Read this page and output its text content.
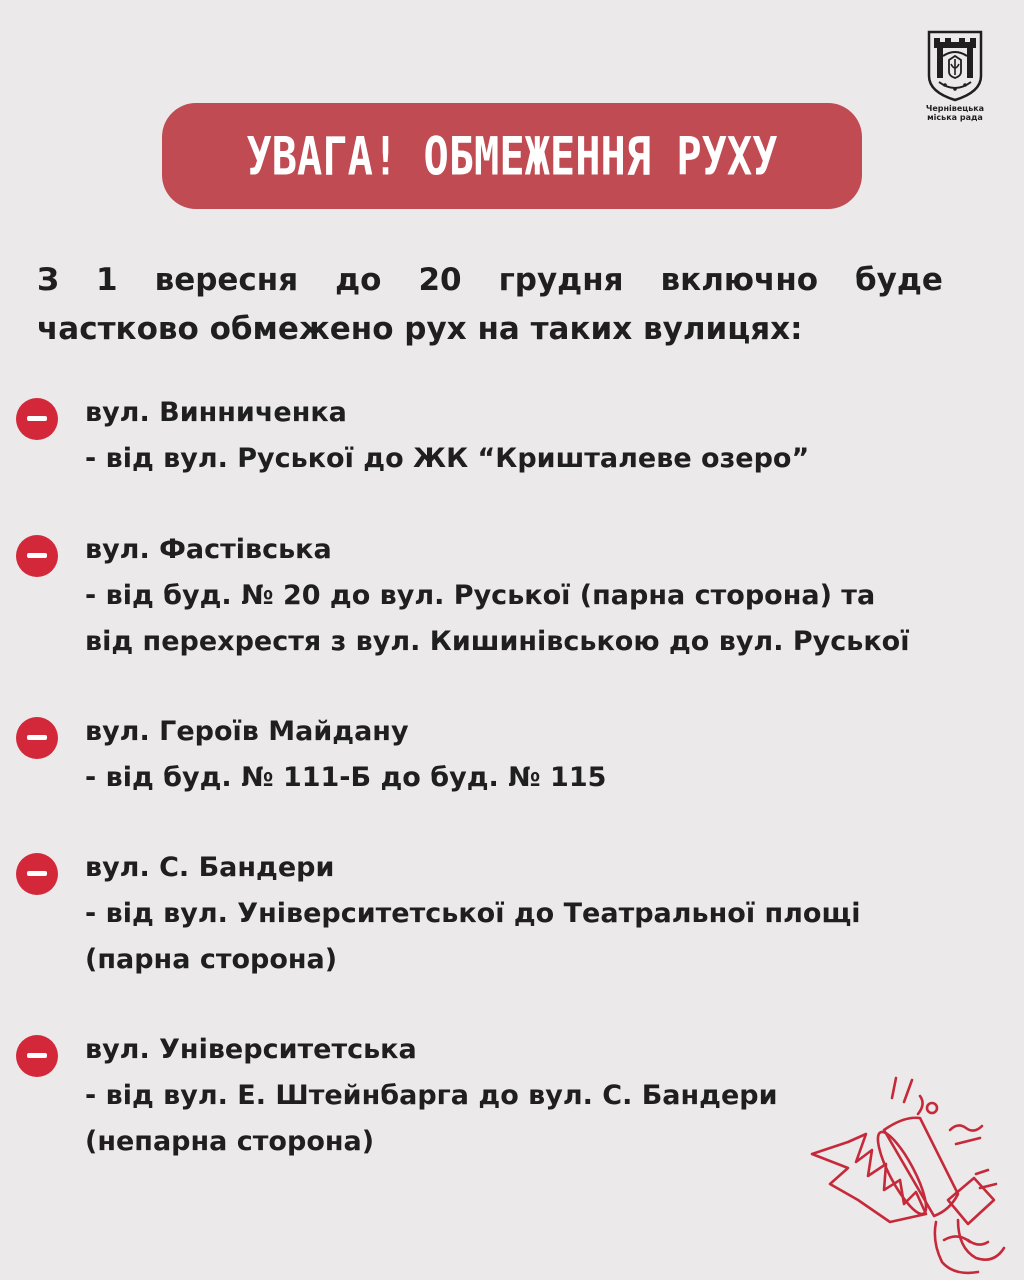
Чернівецька
міська рада
УВАГА! ОБМЕЖЕННЯ РУХУ
З 1 вересня до 20 грудня включно буде
частково обмежено рух на таких вулицях:
вул. Винниченка
- від вул. Руської до ЖК “Кришталеве озеро”
вул. Фастівська
- від буд. № 20 до вул. Руської (парна сторона) та
від перехрестя з вул. Кишинівською до вул. Руської
вул. Героїв Майдану
- від буд. № 111-Б до буд. № 115
вул. С. Бандери
- від вул. Університетської до Театральної площі
(парна сторона)
вул. Університетська
- від вул. Е. Штейнбарга до вул. С. Бандери
(непарна сторона)
